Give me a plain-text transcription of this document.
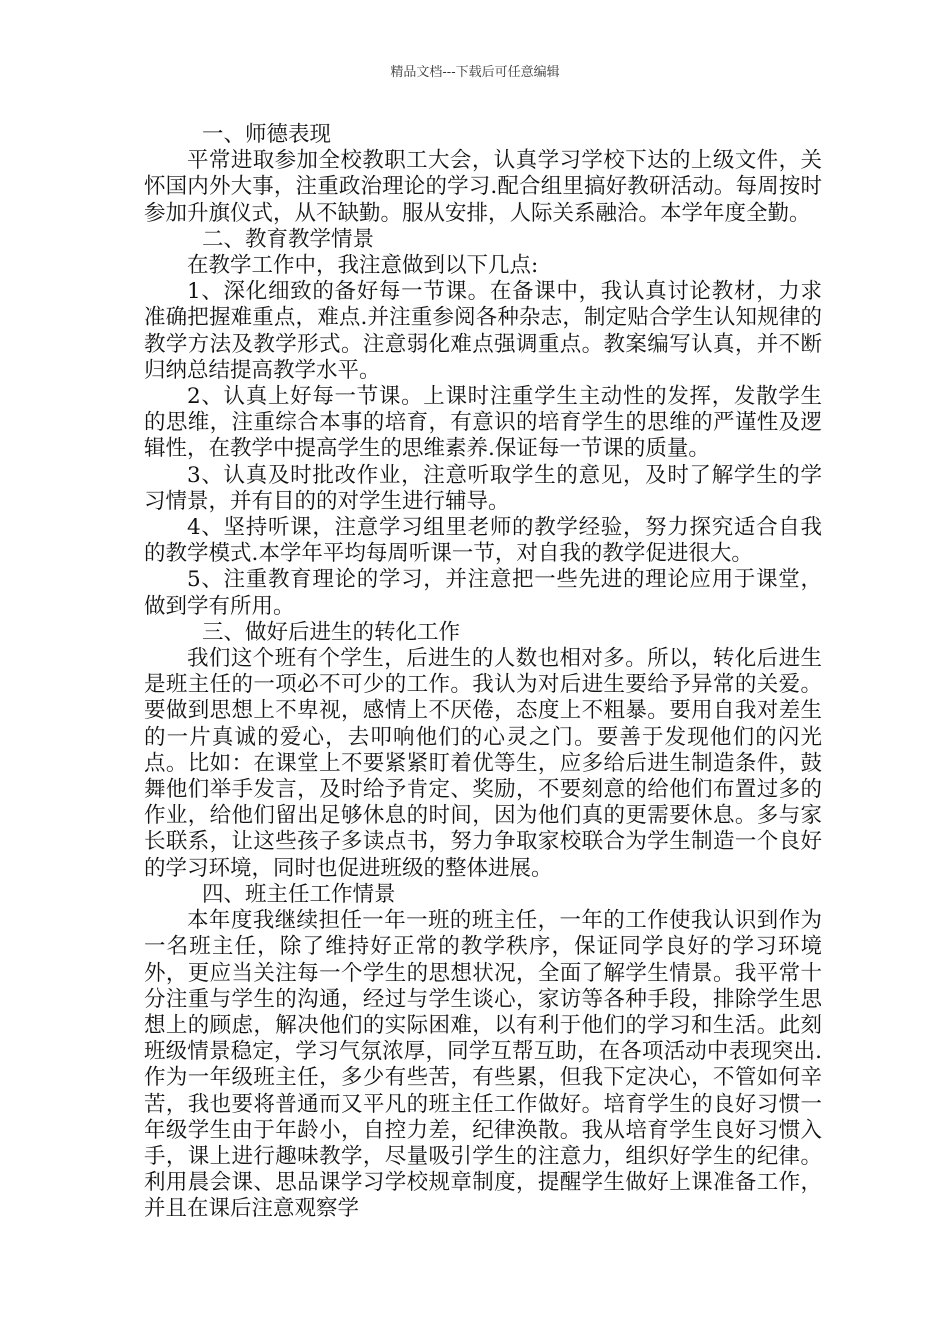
精品文档---下载后可任意编辑

一、师德表现

平常进取参加全校教职工大会，认真学习学校下达的上级文件，关怀国内外大事，注重政治理论的学习.配合组里搞好教研活动。每周按时参加升旗仪式，从不缺勤。服从安排，人际关系融洽。本学年度全勤。

二、教育教学情景

在教学工作中，我注意做到以下几点:

1、深化细致的备好每一节课。在备课中，我认真讨论教材，力求准确把握难重点，难点.并注重参阅各种杂志，制定贴合学生认知规律的教学方法及教学形式。注意弱化难点强调重点。教案编写认真，并不断归纳总结提高教学水平。

2、认真上好每一节课。上课时注重学生主动性的发挥，发散学生的思维，注重综合本事的培育，有意识的培育学生的思维的严谨性及逻辑性，在教学中提高学生的思维素养.保证每一节课的质量。

3、认真及时批改作业，注意听取学生的意见，及时了解学生的学习情景，并有目的的对学生进行辅导。

4、坚持听课，注意学习组里老师的教学经验，努力探究适合自我的教学模式.本学年平均每周听课一节，对自我的教学促进很大。

5、注重教育理论的学习，并注意把一些先进的理论应用于课堂，做到学有所用。

三、做好后进生的转化工作

我们这个班有个学生，后进生的人数也相对多。所以，转化后进生是班主任的一项必不可少的工作。我认为对后进生要给予异常的关爱。要做到思想上不卑视，感情上不厌倦，态度上不粗暴。要用自我对差生的一片真诚的爱心，去叩响他们的心灵之门。要善于发现他们的闪光点。比如：在课堂上不要紧紧盯着优等生，应多给后进生制造条件，鼓舞他们举手发言，及时给予肯定、奖励，不要刻意的给他们布置过多的作业，给他们留出足够休息的时间，因为他们真的更需要休息。多与家长联系，让这些孩子多读点书，努力争取家校联合为学生制造一个良好的学习环境，同时也促进班级的整体进展。

四、班主任工作情景

本年度我继续担任一年一班的班主任，一年的工作使我认识到作为一名班主任，除了维持好正常的教学秩序，保证同学良好的学习环境外，更应当关注每一个学生的思想状况，全面了解学生情景。我平常十分注重与学生的沟通，经过与学生谈心，家访等各种手段，排除学生思想上的顾虑，解决他们的实际困难，以有利于他们的学习和生活。此刻班级情景稳定，学习气氛浓厚，同学互帮互助，在各项活动中表现突出.作为一年级班主任，多少有些苦，有些累，但我下定决心，不管如何辛苦，我也要将普通而又平凡的班主任工作做好。培育学生的良好习惯一年级学生由于年龄小，自控力差，纪律涣散。我从培育学生良好习惯入手，课上进行趣味教学，尽量吸引学生的注意力，组织好学生的纪律。利用晨会课、思品课学习学校规章制度，提醒学生做好上课准备工作，并且在课后注意观察学
